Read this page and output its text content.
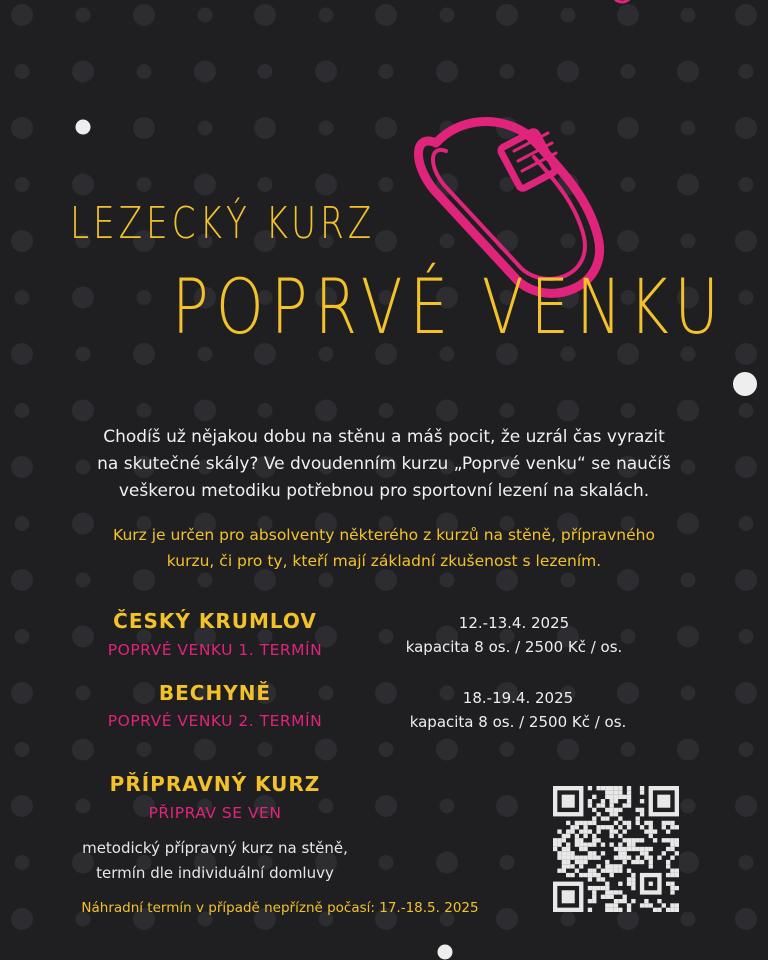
LEZECKÝ KURZ
POPRVÉ VENKU
Chodíš už nějakou dobu na stěnu a máš pocit, že uzrál čas vyrazit
na skutečné skály? Ve dvoudenním kurzu „Poprvé venku“ se naučíš
veškerou metodiku potřebnou pro sportovní lezení na skalách.
Kurz je určen pro absolventy některého z kurzů na stěně, přípravného
kurzu, či pro ty, kteří mají základní zkušenost s lezením.
ČESKÝ KRUMLOV
POPRVÉ VENKU 1. TERMÍN
12.-13.4. 2025
kapacita 8 os. / 2500 Kč / os.
BECHYNĚ
POPRVÉ VENKU 2. TERMÍN
18.-19.4. 2025
kapacita 8 os. / 2500 Kč / os.
PŘÍPRAVNÝ KURZ
PŘIPRAV SE VEN
metodický přípravný kurz na stěně,
termín dle individuální domluvy
Náhradní termín v případě nepřízně počasí: 17.-18.5. 2025
